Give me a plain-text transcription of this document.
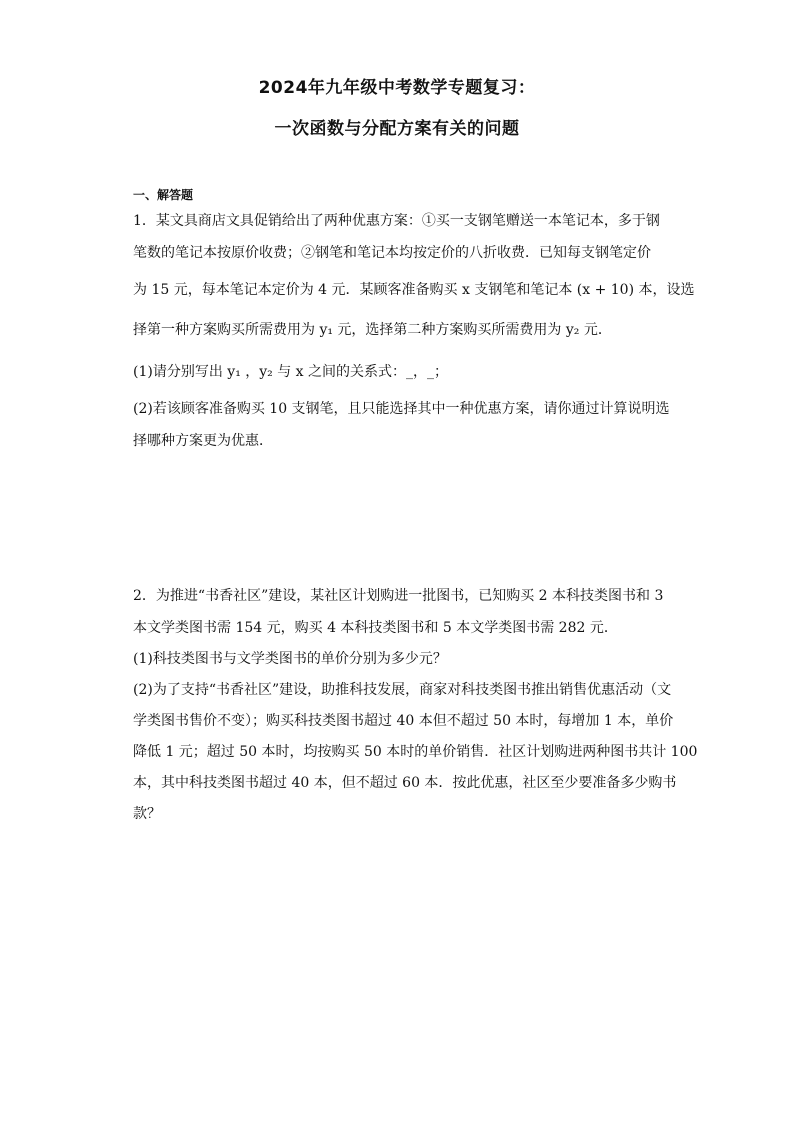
2024年九年级中考数学专题复习：
一次函数与分配方案有关的问题
一、解答题
1．某文具商店文具促销给出了两种优惠方案：①买一支钢笔赠送一本笔记本，多于钢
笔数的笔记本按原价收费；②钢笔和笔记本均按定价的八折收费．已知每支钢笔定价
为 15 元，每本笔记本定价为 4 元．某顾客准备购买 x 支钢笔和笔记本 (x + 10) 本，设选
择第一种方案购买所需费用为 y₁ 元，选择第二种方案购买所需费用为 y₂ 元．
(1)请分别写出 y₁ ，y₂ 与 x 之间的关系式：_，_；
(2)若该顾客准备购买 10 支钢笔，且只能选择其中一种优惠方案，请你通过计算说明选
择哪种方案更为优惠．
2．为推进“书香社区”建设，某社区计划购进一批图书，已知购买 2 本科技类图书和 3
本文学类图书需 154 元，购买 4 本科技类图书和 5 本文学类图书需 282 元．
(1)科技类图书与文学类图书的单价分别为多少元？
(2)为了支持“书香社区”建设，助推科技发展，商家对科技类图书推出销售优惠活动（文
学类图书售价不变）；购买科技类图书超过 40 本但不超过 50 本时，每增加 1 本，单价
降低 1 元；超过 50 本时，均按购买 50 本时的单价销售．社区计划购进两种图书共计 100
本，其中科技类图书超过 40 本，但不超过 60 本．按此优惠，社区至少要准备多少购书
款？
